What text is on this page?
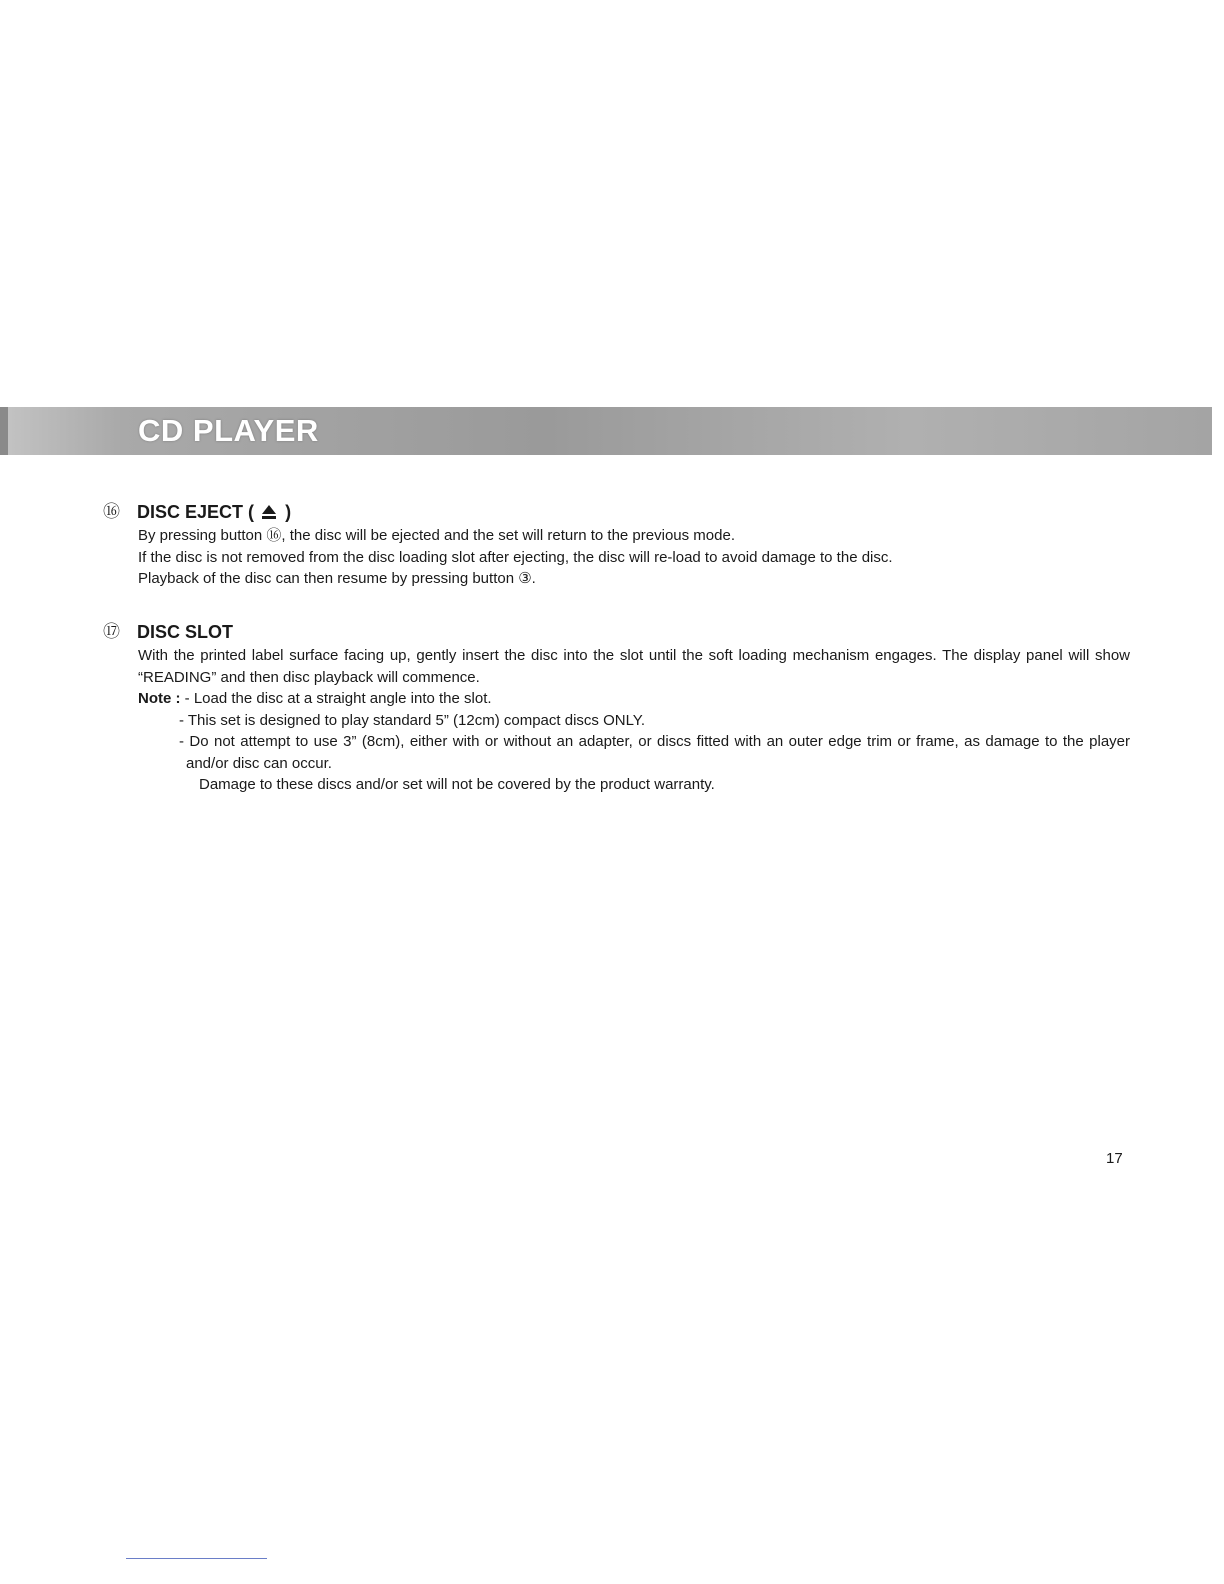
CD PLAYER
⑯ DISC EJECT ( )

By pressing button ⑯, the disc will be ejected and the set will return to the previous mode.

If the disc is not removed from the disc loading slot after ejecting, the disc will re-load to avoid damage to the disc.

Playback of the disc can then resume by pressing button ③.

⑰ DISC SLOT

With the printed label surface facing up, gently insert the disc into the slot until the soft loading mechanism engages. The display panel will show “READING” and then disc playback will commence.

Note : - Load the disc at a straight angle into the slot.

- This set is designed to play standard 5” (12cm) compact discs ONLY.

- Do not attempt to use 3” (8cm), either with or without an adapter, or discs fitted with an outer edge trim or frame, as damage to the player and/or disc can occur.

Damage to these discs and/or set will not be covered by the product warranty.

17
